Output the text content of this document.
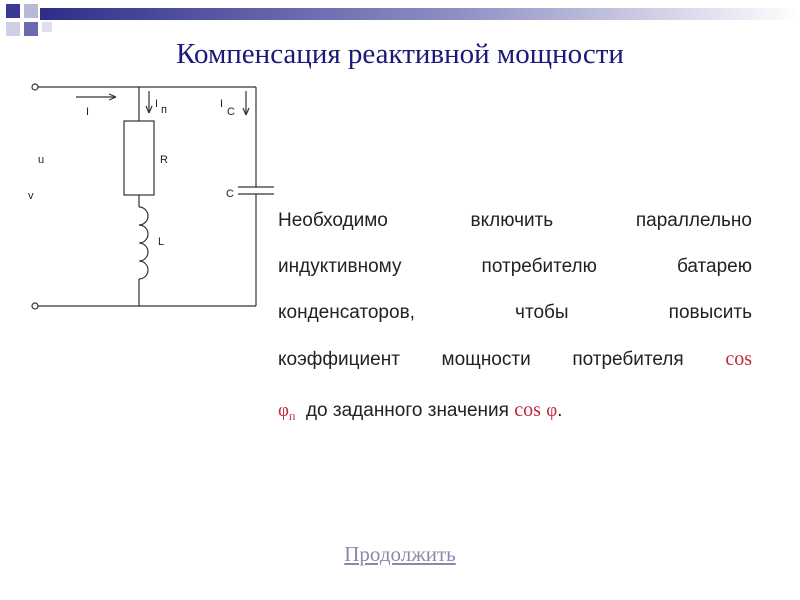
Компенсация реактивной мощности
I
I п	I
C
u
v
R
L
C
Необходимо включить параллельно
индуктивному потребителю батарею
конденсаторов, чтобы повысить
коэффициент мощности потребителя cos
$\varphi_п$ до заданного значения cos φ.
Продолжить
